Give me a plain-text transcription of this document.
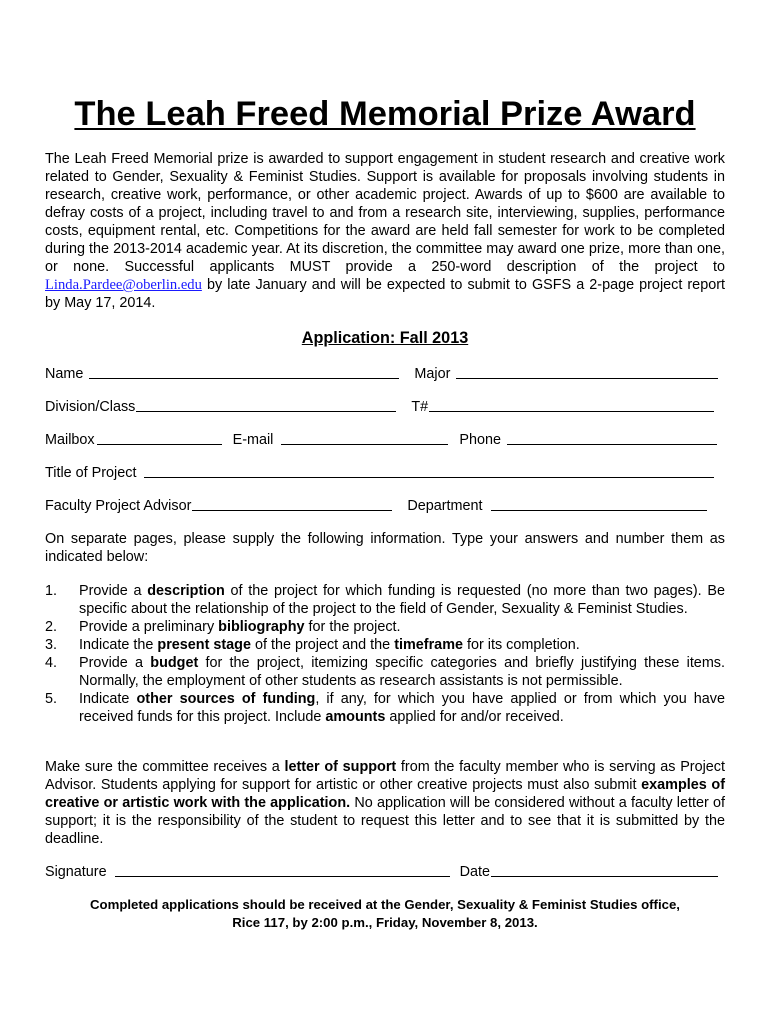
The Leah Freed Memorial Prize Award
The Leah Freed Memorial prize is awarded to support engagement in student research and creative work related to Gender, Sexuality & Feminist Studies. Support is available for proposals involving students in research, creative work, performance, or other academic project. Awards of up to $600 are available to defray costs of a project, including travel to and from a research site, interviewing, supplies, performance costs, equipment rental, etc. Competitions for the award are held fall semester for work to be completed during the 2013-2014 academic year. At its discretion, the committee may award one prize, more than one, or none. Successful applicants MUST provide a 250-word description of the project to Linda.Pardee@oberlin.edu by late January and will be expected to submit to GSFS a 2-page project report by May 17, 2014.
Application: Fall 2013
Name	Major
Division/Class	T#
Mailbox	E-mail	Phone
Title of Project
Faculty Project Advisor	Department
On separate pages, please supply the following information. Type your answers and number them as indicated below:
1.	Provide a description of the project for which funding is requested (no more than two pages). Be specific about the relationship of the project to the field of Gender, Sexuality & Feminist Studies.
2.	Provide a preliminary bibliography for the project.
3.	Indicate the present stage of the project and the timeframe for its completion.
4.	Provide a budget for the project, itemizing specific categories and briefly justifying these items. Normally, the employment of other students as research assistants is not permissible.
5.	Indicate other sources of funding, if any, for which you have applied or from which you have received funds for this project. Include amounts applied for and/or received.
Make sure the committee receives a letter of support from the faculty member who is serving as Project Advisor. Students applying for support for artistic or other creative projects must also submit examples of creative or artistic work with the application. No application will be considered without a faculty letter of support; it is the responsibility of the student to request this letter and to see that it is submitted by the deadline.
Signature	Date
Completed applications should be received at the Gender, Sexuality & Feminist Studies office,
Rice 117, by 2:00 p.m., Friday, November 8, 2013.
